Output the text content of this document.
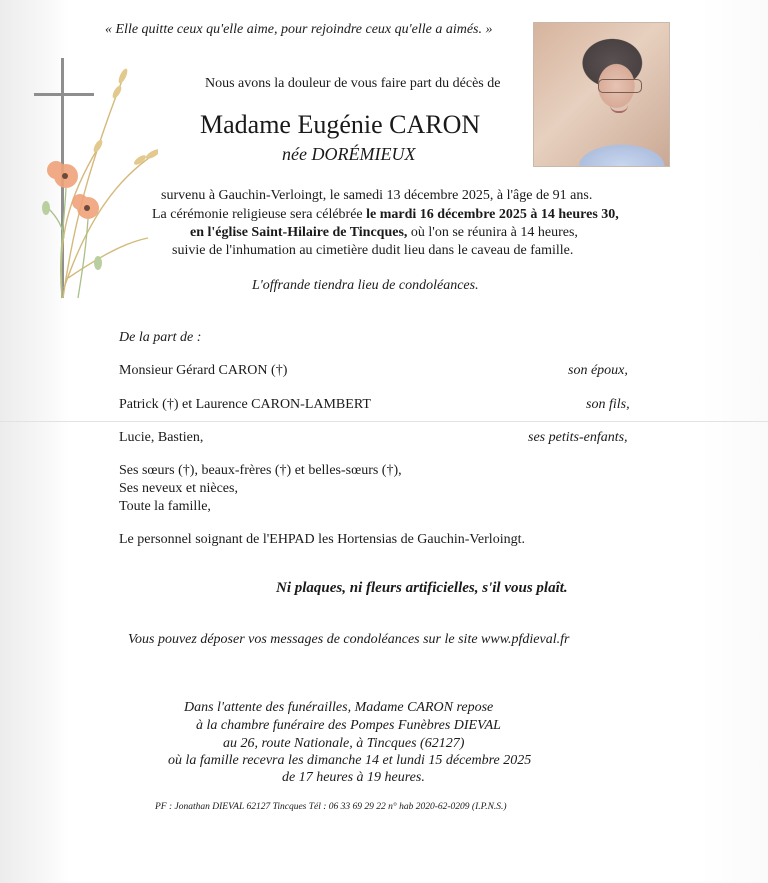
« Elle quitte ceux qu'elle aime, pour rejoindre ceux qu'elle a aimés. »
Nous avons la douleur de vous faire part du décès de
Madame Eugénie CARON
née DORÉMIEUX
survenu à Gauchin-Verloingt, le samedi 13 décembre 2025, à l'âge de 91 ans.
La cérémonie religieuse sera célébrée le mardi 16 décembre 2025 à 14 heures 30,
en l'église Saint-Hilaire de Tincques, où l'on se réunira à 14 heures,
suivie de l'inhumation au cimetière dudit lieu dans le caveau de famille.
L'offrande tiendra lieu de condoléances.
De la part de :
Monsieur Gérard CARON (†)	son époux,
Patrick (†) et Laurence CARON-LAMBERT	son fils,
Lucie, Bastien,	ses petits-enfants,
Ses sœurs (†), beaux-frères (†) et belles-sœurs (†),
Ses neveux et nièces,
Toute la famille,
Le personnel soignant de l'EHPAD les Hortensias de Gauchin-Verloingt.
Ni plaques, ni fleurs artificielles, s'il vous plaît.
Vous pouvez déposer vos messages de condoléances sur le site www.pfdieval.fr
Dans l'attente des funérailles, Madame CARON repose
à la chambre funéraire des Pompes Funèbres DIEVAL
au 26, route Nationale, à Tincques (62127)
où la famille recevra les dimanche 14 et lundi 15 décembre 2025
de 17 heures à 19 heures.
PF : Jonathan DIEVAL 62127 Tincques Tél : 06 33 69 29 22 n° hab 2020-62-0209 (I.P.N.S.)
